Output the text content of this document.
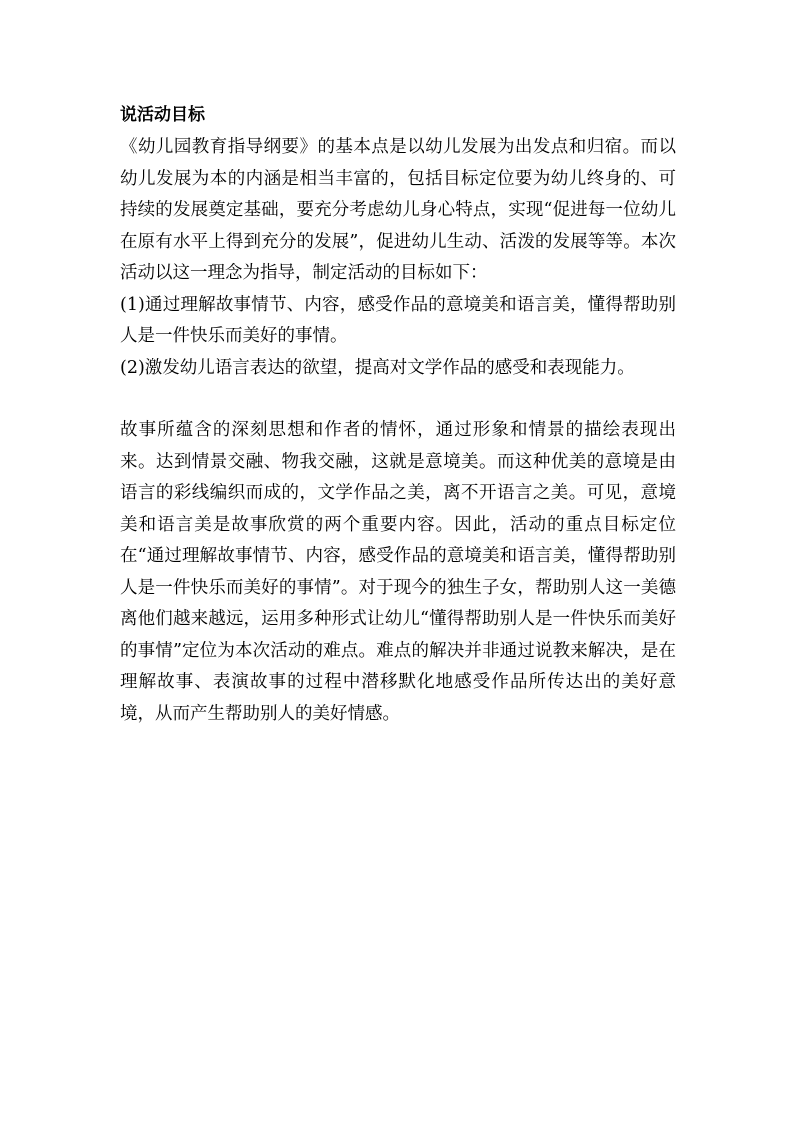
说活动目标

《幼儿园教育指导纲要》的基本点是以幼儿发展为出发点和归宿。而以幼儿发展为本的内涵是相当丰富的，包括目标定位要为幼儿终身的、可持续的发展奠定基础，要充分考虑幼儿身心特点，实现“促进每一位幼儿在原有水平上得到充分的发展”，促进幼儿生动、活泼的发展等等。本次活动以这一理念为指导，制定活动的目标如下：

(1)通过理解故事情节、内容，感受作品的意境美和语言美，懂得帮助别人是一件快乐而美好的事情。

(2)激发幼儿语言表达的欲望，提高对文学作品的感受和表现能力。

故事所蕴含的深刻思想和作者的情怀，通过形象和情景的描绘表现出来。达到情景交融、物我交融，这就是意境美。而这种优美的意境是由语言的彩线编织而成的，文学作品之美，离不开语言之美。可见，意境美和语言美是故事欣赏的两个重要内容。因此，活动的重点目标定位在“通过理解故事情节、内容，感受作品的意境美和语言美，懂得帮助别人是一件快乐而美好的事情”。对于现今的独生子女，帮助别人这一美德离他们越来越远，运用多种形式让幼儿“懂得帮助别人是一件快乐而美好的事情”定位为本次活动的难点。难点的解决并非通过说教来解决，是在理解故事、表演故事的过程中潜移默化地感受作品所传达出的美好意境，从而产生帮助别人的美好情感。
